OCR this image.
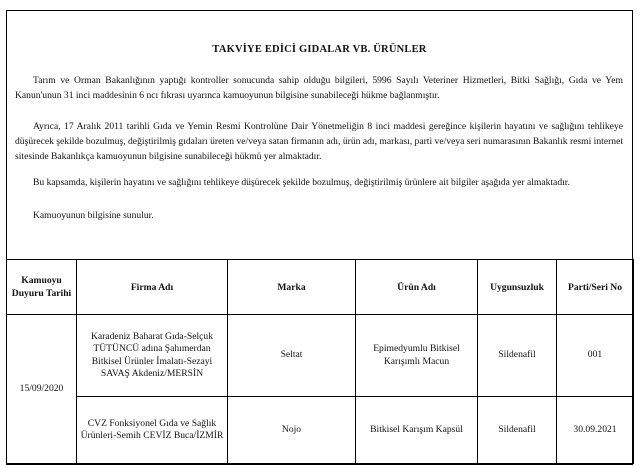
TAKVİYE EDİCİ GIDALAR VB. ÜRÜNLER
Tarım ve Orman Bakanlığının yaptığı kontroller sonucunda sahip olduğu bilgileri, 5996 Sayılı Veteriner Hizmetleri, Bitki Sağlığı, Gıda ve Yem Kanun'unun 31 inci maddesinin 6 ncı fıkrası uyarınca kamuoyunun bilgisine sunabileceği hükme bağlanmıştır.
Ayrıca, 17 Aralık 2011 tarihli Gıda ve Yemin Resmi Kontrolüne Dair Yönetmeliğin 8 inci maddesi gereğince kişilerin hayatını ve sağlığını tehlikeye düşürecek şekilde bozulmuş, değiştirilmiş gıdaları üreten ve/veya satan firmanın adı, ürün adı, markası, parti ve/veya seri numarasının Bakanlık resmi internet sitesinde Bakanlıkça kamuoyunun bilgisine sunabileceği hükmü yer almaktadır.
Bu kapsamda, kişilerin hayatını ve sağlığını tehlikeye düşürecek şekilde bozulmuş, değiştirilmiş ürünlere ait bilgiler aşağıda yer almaktadır.
Kamuoyunun bilgisine sunulur.
Kamuoyu Duyuru Tarihi	Firma Adı	Marka	Ürün Adı	Uygunsuzluk	Parti/Seri No
15/09/2020	Karadeniz Baharat Gıda-Selçuk TÜTÜNCÜ adına Şahımerdan Bitkisel Ürünler İmalatı-Sezayi SAVAŞ Akdeniz/MERSİN	Seltat	Epimedyumlu Bitkisel Karışımlı Macun	Sildenafil	001
	CVZ Fonksiyonel Gıda ve Sağlık Ürünleri-Semih CEVİZ Buca/İZMİR	Nojo	Bitkisel Karışım Kapsül	Sildenafil	30.09.2021
